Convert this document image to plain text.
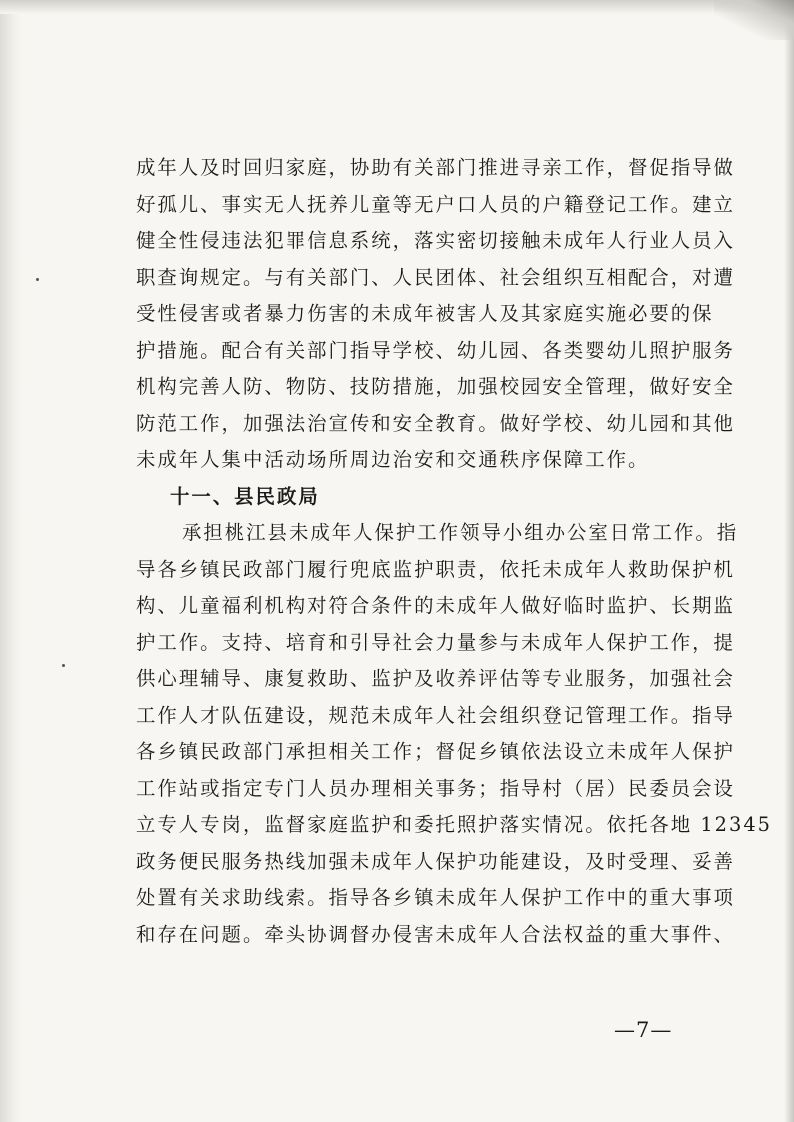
成年人及时回归家庭，协助有关部门推进寻亲工作，督促指导做
好孤儿、事实无人抚养儿童等无户口人员的户籍登记工作。建立
健全性侵违法犯罪信息系统，落实密切接触未成年人行业人员入
职查询规定。与有关部门、人民团体、社会组织互相配合，对遭
受性侵害或者暴力伤害的未成年被害人及其家庭实施必要的保
护措施。配合有关部门指导学校、幼儿园、各类婴幼儿照护服务
机构完善人防、物防、技防措施，加强校园安全管理，做好安全
防范工作，加强法治宣传和安全教育。做好学校、幼儿园和其他
未成年人集中活动场所周边治安和交通秩序保障工作。
十一、县民政局
承担桃江县未成年人保护工作领导小组办公室日常工作。指
导各乡镇民政部门履行兜底监护职责，依托未成年人救助保护机
构、儿童福利机构对符合条件的未成年人做好临时监护、长期监
护工作。支持、培育和引导社会力量参与未成年人保护工作，提
供心理辅导、康复救助、监护及收养评估等专业服务，加强社会
工作人才队伍建设，规范未成年人社会组织登记管理工作。指导
各乡镇民政部门承担相关工作；督促乡镇依法设立未成年人保护
工作站或指定专门人员办理相关事务；指导村（居）民委员会设
立专人专岗，监督家庭监护和委托照护落实情况。依托各地 12345
政务便民服务热线加强未成年人保护功能建设，及时受理、妥善
处置有关求助线索。指导各乡镇未成年人保护工作中的重大事项
和存在问题。牵头协调督办侵害未成年人合法权益的重大事件、
—7—
